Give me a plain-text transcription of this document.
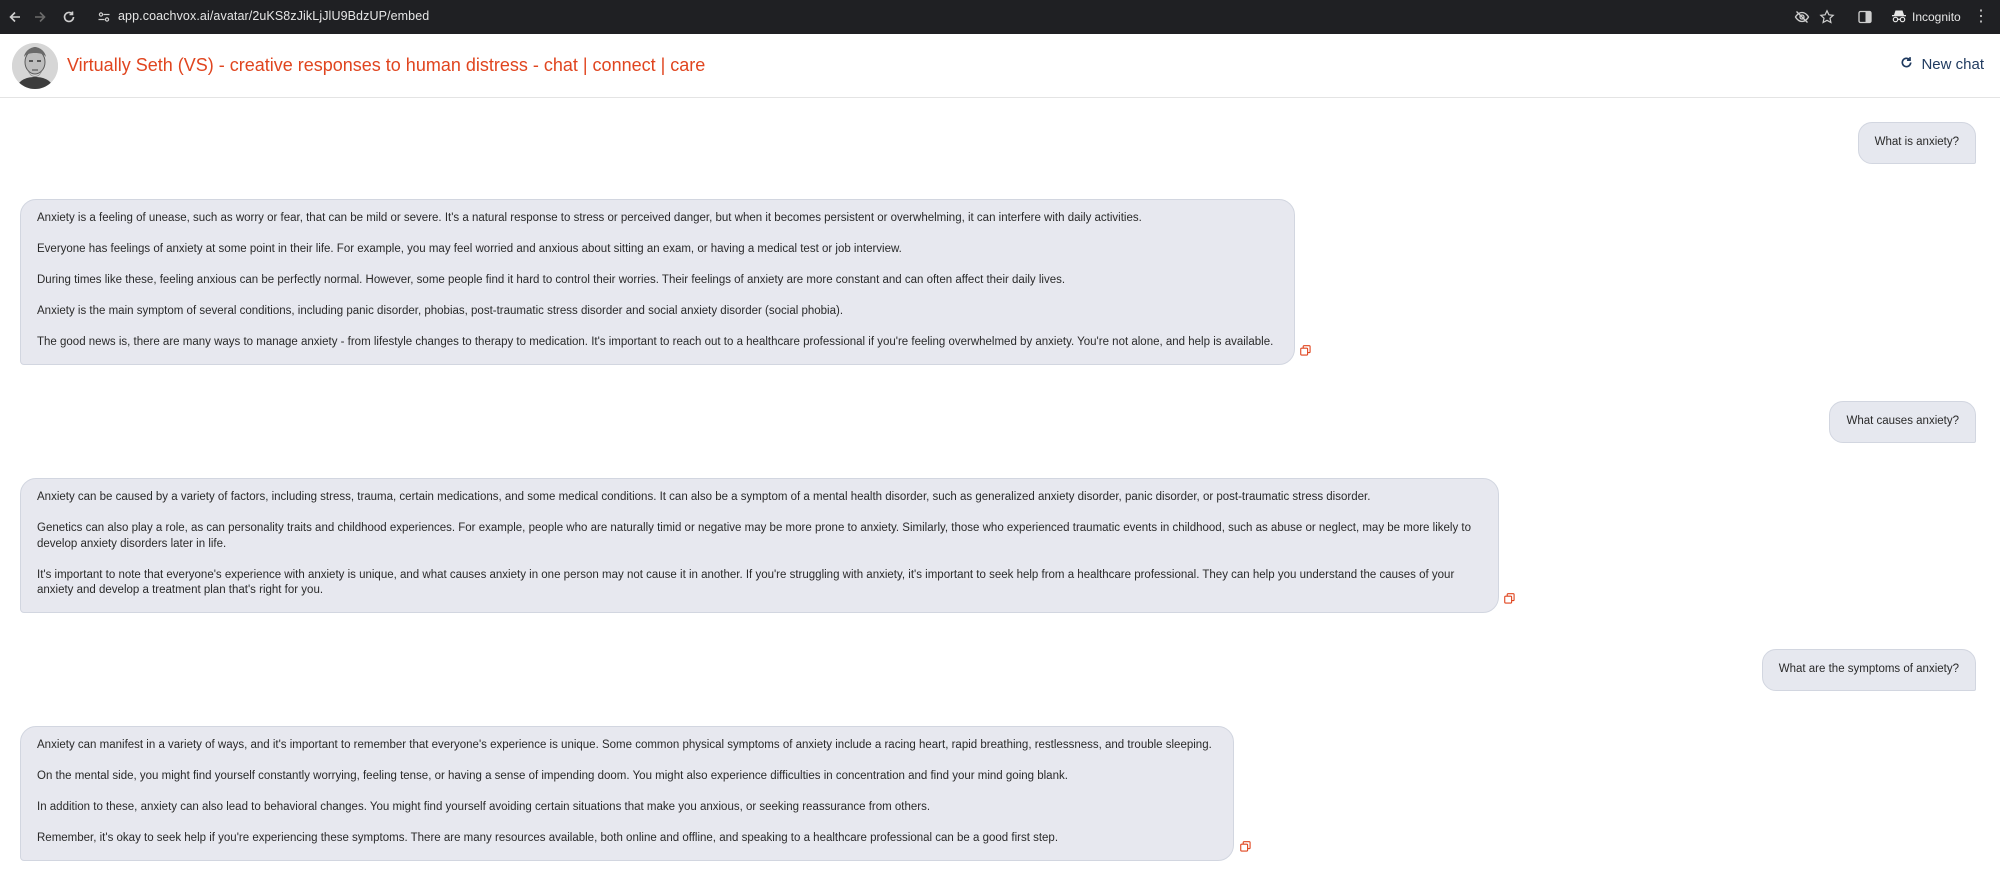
app.coachvox.ai/avatar/2uKS8zJikLjJlU9BdzUP/embed	Incognito ⋮
Virtually Seth (VS) - creative responses to human distress - chat | connect | care	New chat
What is anxiety?

Anxiety is a feeling of unease, such as worry or fear, that can be mild or severe. It's a natural response to stress or perceived danger, but when it becomes persistent or overwhelming, it can interfere with daily activities.

Everyone has feelings of anxiety at some point in their life. For example, you may feel worried and anxious about sitting an exam, or having a medical test or job interview.

During times like these, feeling anxious can be perfectly normal. However, some people find it hard to control their worries. Their feelings of anxiety are more constant and can often affect their daily lives.

Anxiety is the main symptom of several conditions, including panic disorder, phobias, post-traumatic stress disorder and social anxiety disorder (social phobia).

The good news is, there are many ways to manage anxiety - from lifestyle changes to therapy to medication. It's important to reach out to a healthcare professional if you're feeling overwhelmed by anxiety. You're not alone, and help is available.

What causes anxiety?

Anxiety can be caused by a variety of factors, including stress, trauma, certain medications, and some medical conditions. It can also be a symptom of a mental health disorder, such as generalized anxiety disorder, panic disorder, or post-traumatic stress disorder.

Genetics can also play a role, as can personality traits and childhood experiences. For example, people who are naturally timid or negative may be more prone to anxiety. Similarly, those who experienced traumatic events in childhood, such as abuse or neglect, may be more likely to develop anxiety disorders later in life.

It's important to note that everyone's experience with anxiety is unique, and what causes anxiety in one person may not cause it in another. If you're struggling with anxiety, it's important to seek help from a healthcare professional. They can help you understand the causes of your anxiety and develop a treatment plan that's right for you.

What are the symptoms of anxiety?

Anxiety can manifest in a variety of ways, and it's important to remember that everyone's experience is unique. Some common physical symptoms of anxiety include a racing heart, rapid breathing, restlessness, and trouble sleeping.

On the mental side, you might find yourself constantly worrying, feeling tense, or having a sense of impending doom. You might also experience difficulties in concentration and find your mind going blank.

In addition to these, anxiety can also lead to behavioral changes. You might find yourself avoiding certain situations that make you anxious, or seeking reassurance from others.

Remember, it's okay to seek help if you're experiencing these symptoms. There are many resources available, both online and offline, and speaking to a healthcare professional can be a good first step.
